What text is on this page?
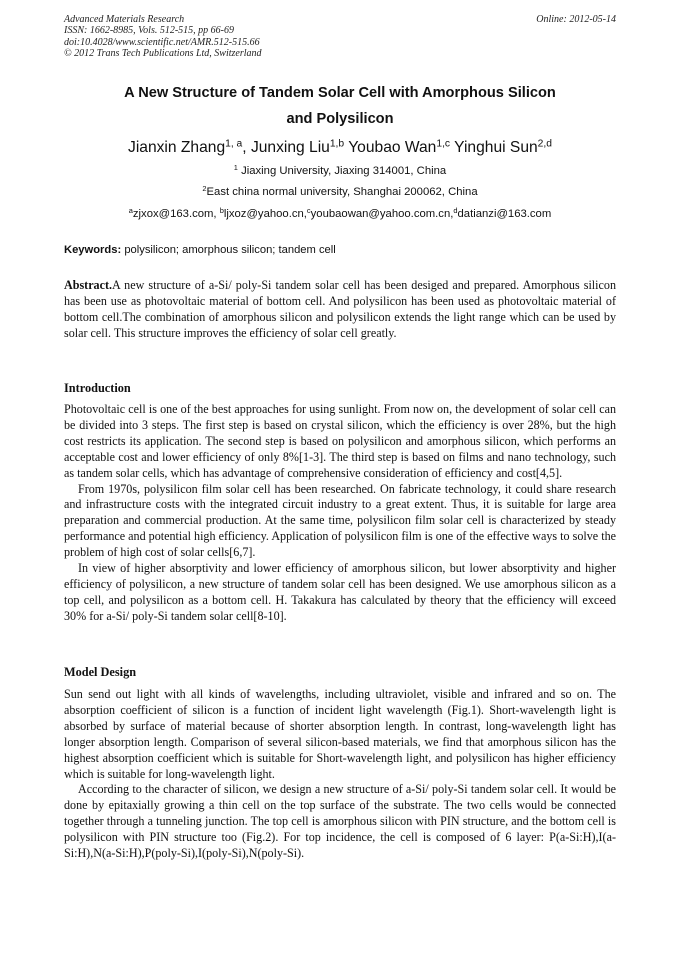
Advanced Materials Research
ISSN: 1662-8985, Vols. 512-515, pp 66-69
doi:10.4028/www.scientific.net/AMR.512-515.66
© 2012 Trans Tech Publications Ltd, Switzerland
Online: 2012-05-14
A New Structure of Tandem Solar Cell with Amorphous Silicon
and Polysilicon
Jianxin Zhang$^{1, a}$, Junxing Liu$^{1,b}$ Youbao Wan$^{1,c}$ Yinghui Sun$^{2,d}$
$^1$ Jiaxing University, Jiaxing 314001, China
$^2$East china normal university, Shanghai 200062, China
$^a$zjxox@163.com, $^b$ljxoz@yahoo.cn,$^c$youbaowan@yahoo.com.cn,$^d$datianzi@163.com
Keywords: polysilicon; amorphous silicon; tandem cell

Abstract.A new structure of a-Si/ poly-Si tandem solar cell has been desiged and prepared. Amorphous silicon has been use as photovoltaic material of bottom cell. And polysilicon has been used as photovoltaic material of bottom cell.The combination of amorphous silicon and polysilicon extends the light range which can be used by solar cell. This structure improves the efficiency of solar cell greatly.

Introduction

Photovoltaic cell is one of the best approaches for using sunlight. From now on, the development of solar cell can be divided into 3 steps. The first step is based on crystal silicon, which the efficiency is over 28%, but the high cost restricts its application. The second step is based on polysilicon and amorphous silicon, which performs an acceptable cost and lower efficiency of only 8%[1-3]. The third step is based on films and nano technology, such as tandem solar cells, which has advantage of comprehensive consideration of efficiency and cost[4,5].

From 1970s, polysilicon film solar cell has been researched. On fabricate technology, it could share research and infrastructure costs with the integrated circuit industry to a great extent. Thus, it is suitable for large area preparation and commercial production. At the same time, polysilicon film solar cell is characterized by steady performance and potential high efficiency. Application of polysilicon film is one of the effective ways to solve the problem of high cost of solar cells[6,7].

In view of higher absorptivity and lower efficiency of amorphous silicon, but lower absorptivity and higher efficiency of polysilicon, a new structure of tandem solar cell has been designed. We use amorphous silicon as a top cell, and polysilicon as a bottom cell. H. Takakura has calculated by theory that the efficiency will exceed 30% for a-Si/ poly-Si tandem solar cell[8-10].

Model Design

Sun send out light with all kinds of wavelengths, including ultraviolet, visible and infrared and so on. The absorption coefficient of silicon is a function of incident light wavelength (Fig.1). Short-wavelength light is absorbed by surface of material because of shorter absorption length. In contrast, long-wavelength light has longer absorption length. Comparison of several silicon-based materials, we find that amorphous silicon has the highest absorption coefficient which is suitable for Short-wavelength light, and polysilicon has higher efficiency which is suitable for long-wavelength light.

According to the character of silicon, we design a new structure of a-Si/ poly-Si tandem solar cell. It would be done by epitaxially growing a thin cell on the top surface of the substrate. The two cells would be connected together through a tunneling junction. The top cell is amorphous silicon with PIN structure, and the bottom cell is polysilicon with PIN structure too (Fig.2). For top incidence, the cell is composed of 6 layer: P(a-Si:H),I(a-Si:H),N(a-Si:H),P(poly-Si),I(poly-Si),N(poly-Si).
